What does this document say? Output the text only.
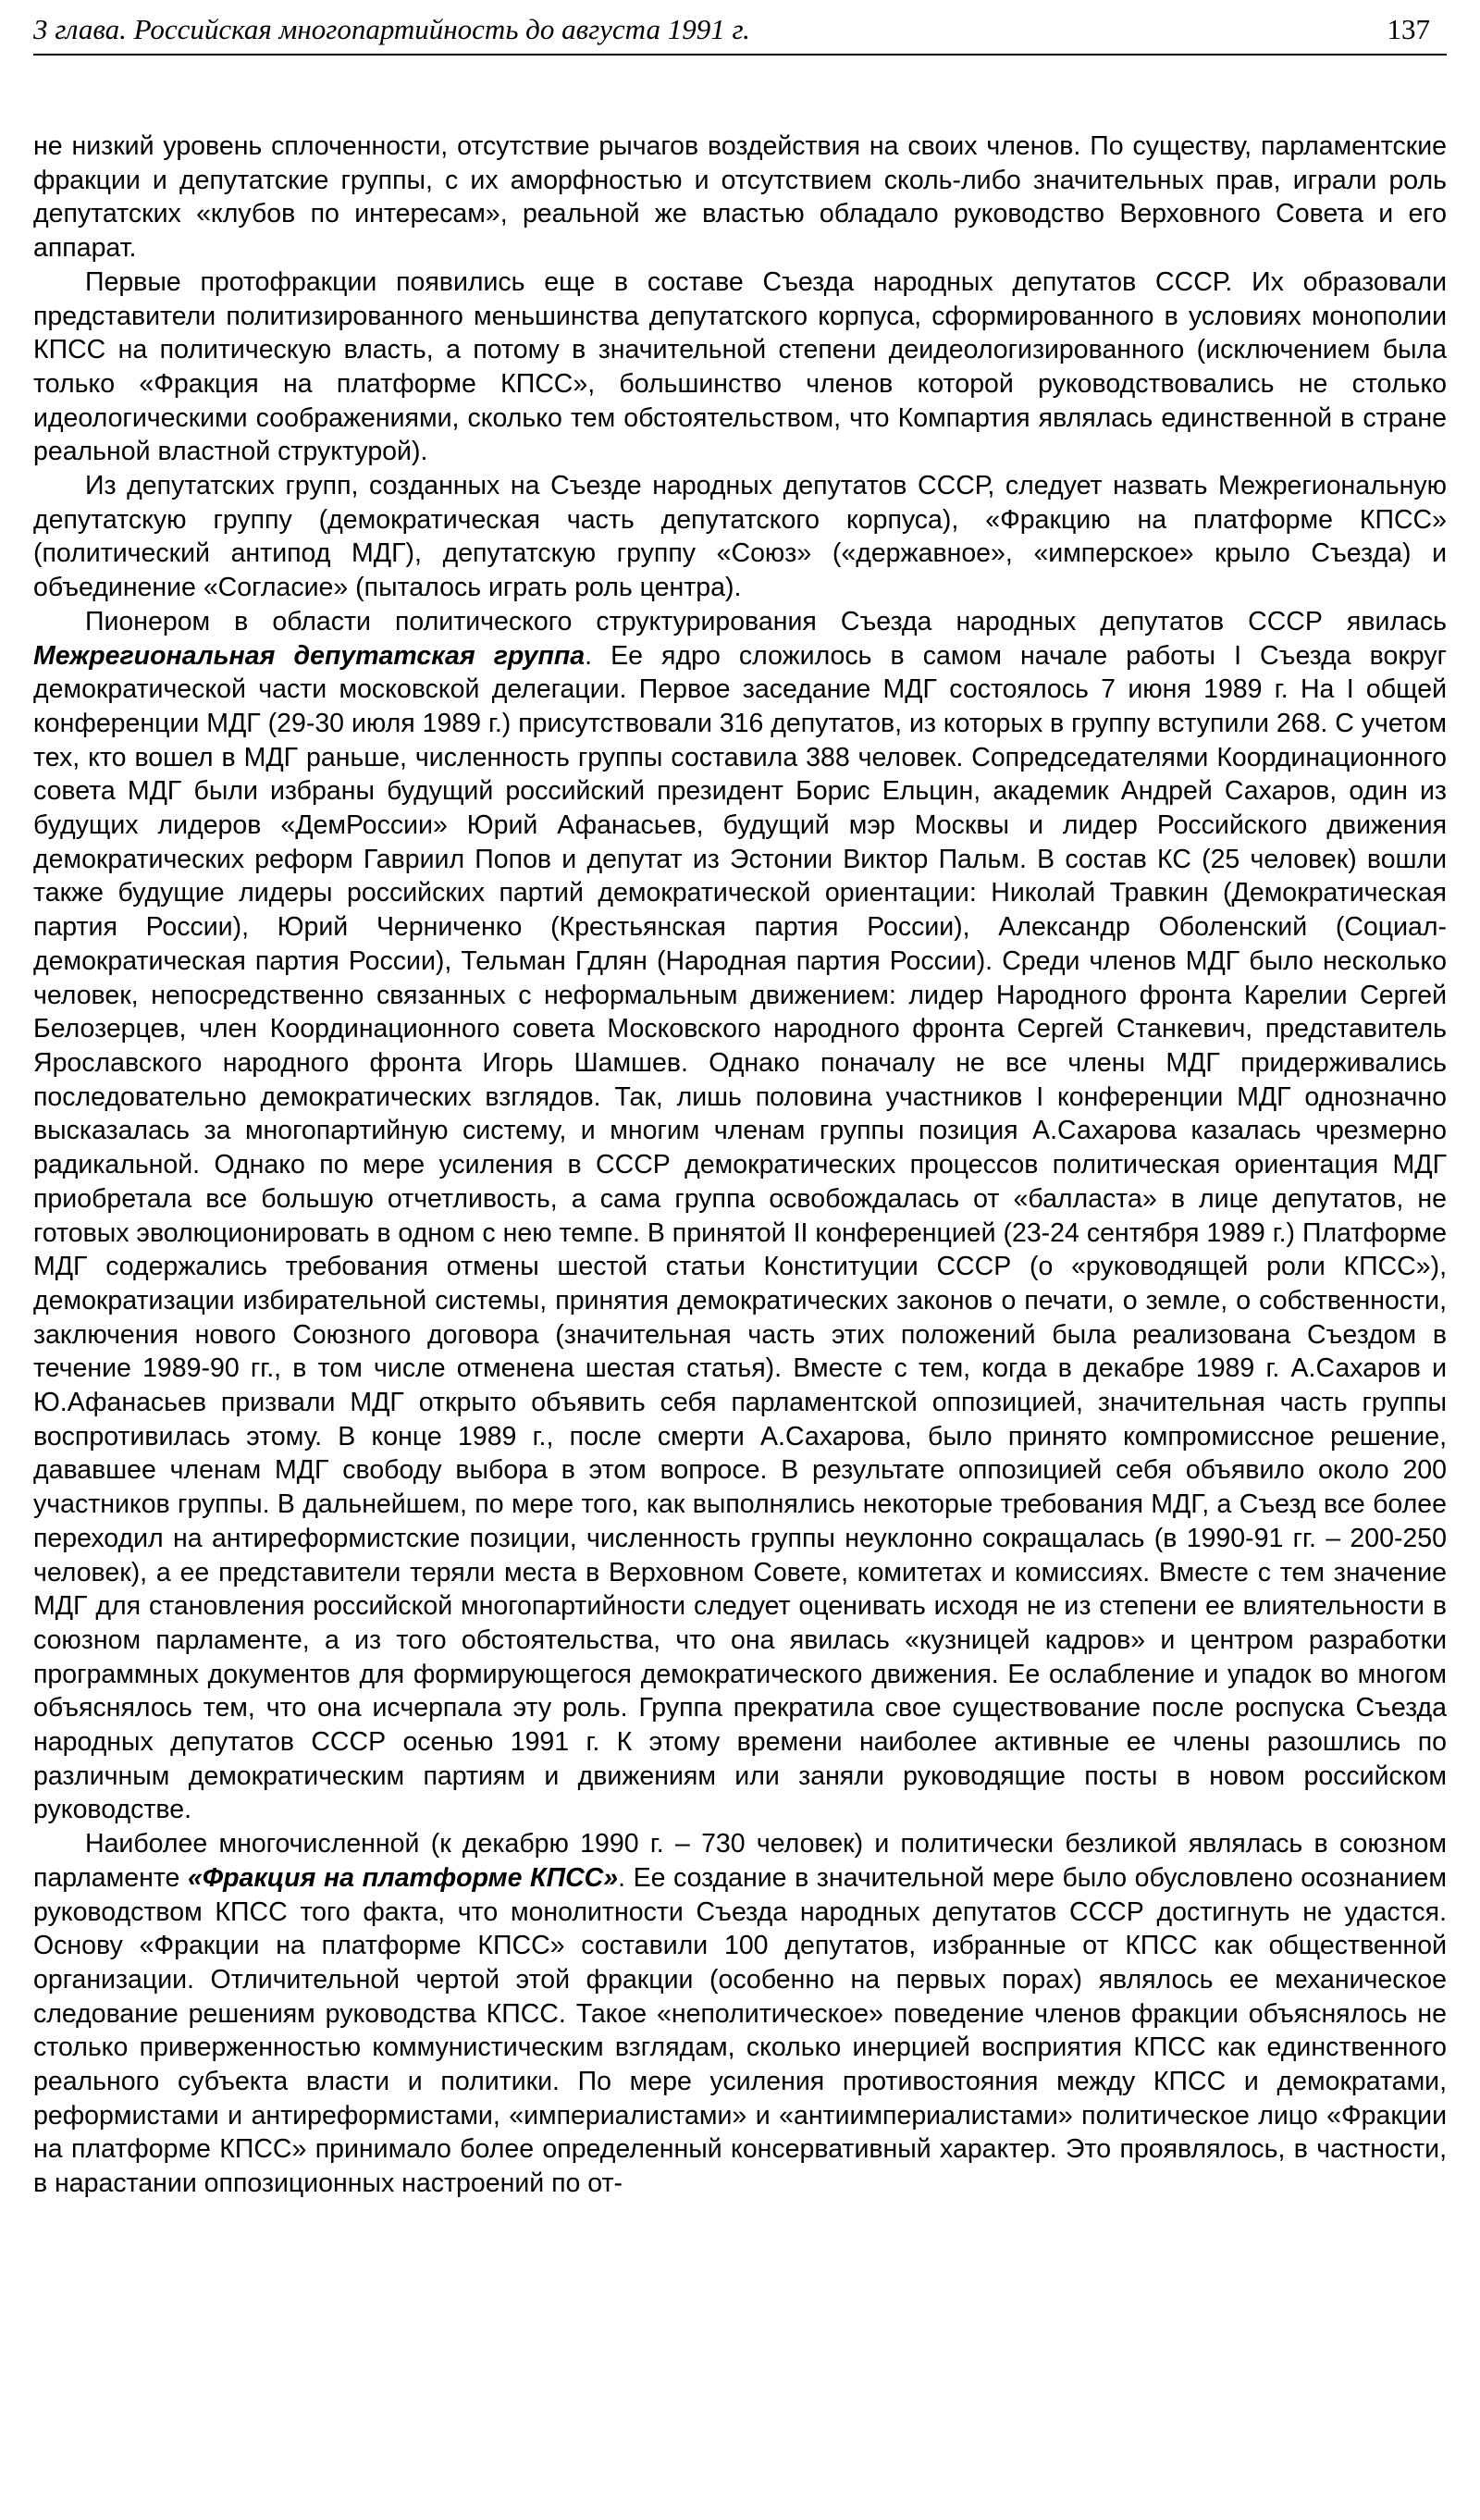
3 глава. Российская многопартийность до августа 1991 г.	137

не низкий уровень сплоченности, отсутствие рычагов воздействия на своих членов. По существу, парламентские фракции и депутатские группы, с их аморфностью и отсутствием сколь-либо значительных прав, играли роль депутатских «клубов по интересам», реальной же властью обладало руководство Верховного Совета и его аппарат.

Первые протофракции появились еще в составе Съезда народных депутатов СССР. Их образовали представители политизированного меньшинства депутатского корпуса, сформированного в условиях монополии КПСС на политическую власть, а потому в значительной степени деидеологизированного (исключением была только «Фракция на платформе КПСС», большинство членов которой руководствовались не столько идеологическими соображениями, сколько тем обстоятельством, что Компартия являлась единственной в стране реальной властной структурой).

Из депутатских групп, созданных на Съезде народных депутатов СССР, следует назвать Межрегиональную депутатскую группу (демократическая часть депутатского корпуса), «Фракцию на платформе КПСС» (политический антипод МДГ), депутатскую группу «Союз» («державное», «имперское» крыло Съезда) и объединение «Согласие» (пыталось играть роль центра).

Пионером в области политического структурирования Съезда народных депутатов СССР явилась Межрегиональная депутатская группа. Ее ядро сложилось в самом начале работы I Съезда вокруг демократической части московской делегации. Первое заседание МДГ состоялось 7 июня 1989 г. На I общей конференции МДГ (29-30 июля 1989 г.) присутствовали 316 депутатов, из которых в группу вступили 268. С учетом тех, кто вошел в МДГ раньше, численность группы составила 388 человек. Сопредседателями Координационного совета МДГ были избраны будущий российский президент Борис Ельцин, академик Андрей Сахаров, один из будущих лидеров «ДемРоссии» Юрий Афанасьев, будущий мэр Москвы и лидер Российского движения демократических реформ Гавриил Попов и депутат из Эстонии Виктор Пальм. В состав КС (25 человек) вошли также будущие лидеры российских партий демократической ориентации: Николай Травкин (Демократическая партия России), Юрий Черниченко (Крестьянская партия России), Александр Оболенский (Социал-демократическая партия России), Тельман Гдлян (Народная партия России). Среди членов МДГ было несколько человек, непосредственно связанных с неформальным движением: лидер Народного фронта Карелии Сергей Белозерцев, член Координационного совета Московского народного фронта Сергей Станкевич, представитель Ярославского народного фронта Игорь Шамшев. Однако поначалу не все члены МДГ придерживались последовательно демократических взглядов. Так, лишь половина участников I конференции МДГ однозначно высказалась за многопартийную систему, и многим членам группы позиция А.Сахарова казалась чрезмерно радикальной. Однако по мере усиления в СССР демократических процессов политическая ориентация МДГ приобретала все большую отчетливость, а сама группа освобождалась от «балласта» в лице депутатов, не готовых эволюционировать в одном с нею темпе. В принятой II конференцией (23-24 сентября 1989 г.) Платформе МДГ содержались требования отмены шестой статьи Конституции СССР (о «руководящей роли КПСС»), демократизации избирательной системы, принятия демократических законов о печати, о земле, о собственности, заключения нового Союзного договора (значительная часть этих положений была реализована Съездом в течение 1989-90 гг., в том числе отменена шестая статья). Вместе с тем, когда в декабре 1989 г. А.Сахаров и Ю.Афанасьев призвали МДГ открыто объявить себя парламентской оппозицией, значительная часть группы воспротивилась этому. В конце 1989 г., после смерти А.Сахарова, было принято компромиссное решение, дававшее членам МДГ свободу выбора в этом вопросе. В результате оппозицией себя объявило около 200 участников группы. В дальнейшем, по мере того, как выполнялись некоторые требования МДГ, а Съезд все более переходил на антиреформистские позиции, численность группы неуклонно сокращалась (в 1990-91 гг. – 200-250 человек), а ее представители теряли места в Верховном Совете, комитетах и комиссиях. Вместе с тем значение МДГ для становления российской многопартийности следует оценивать исходя не из степени ее влиятельности в союзном парламенте, а из того обстоятельства, что она явилась «кузницей кадров» и центром разработки программных документов для формирующегося демократического движения. Ее ослабление и упадок во многом объяснялось тем, что она исчерпала эту роль. Группа прекратила свое существование после роспуска Съезда народных депутатов СССР осенью 1991 г. К этому времени наиболее активные ее члены разошлись по различным демократическим партиям и движениям или заняли руководящие посты в новом российском руководстве.

Наиболее многочисленной (к декабрю 1990 г. – 730 человек) и политически безликой являлась в союзном парламенте «Фракция на платформе КПСС». Ее создание в значительной мере было обусловлено осознанием руководством КПСС того факта, что монолитности Съезда народных депутатов СССР достигнуть не удастся. Основу «Фракции на платформе КПСС» составили 100 депутатов, избранные от КПСС как общественной организации. Отличительной чертой этой фракции (особенно на первых порах) являлось ее механическое следование решениям руководства КПСС. Такое «неполитическое» поведение членов фракции объяснялось не столько приверженностью коммунистическим взглядам, сколько инерцией восприятия КПСС как единственного реального субъекта власти и политики. По мере усиления противостояния между КПСС и демократами, реформистами и антиреформистами, «империалистами» и «антиимпериалистами» политическое лицо «Фракции на платформе КПСС» принимало более определенный консервативный характер. Это проявлялось, в частности, в нарастании оппозиционных настроений по от-
